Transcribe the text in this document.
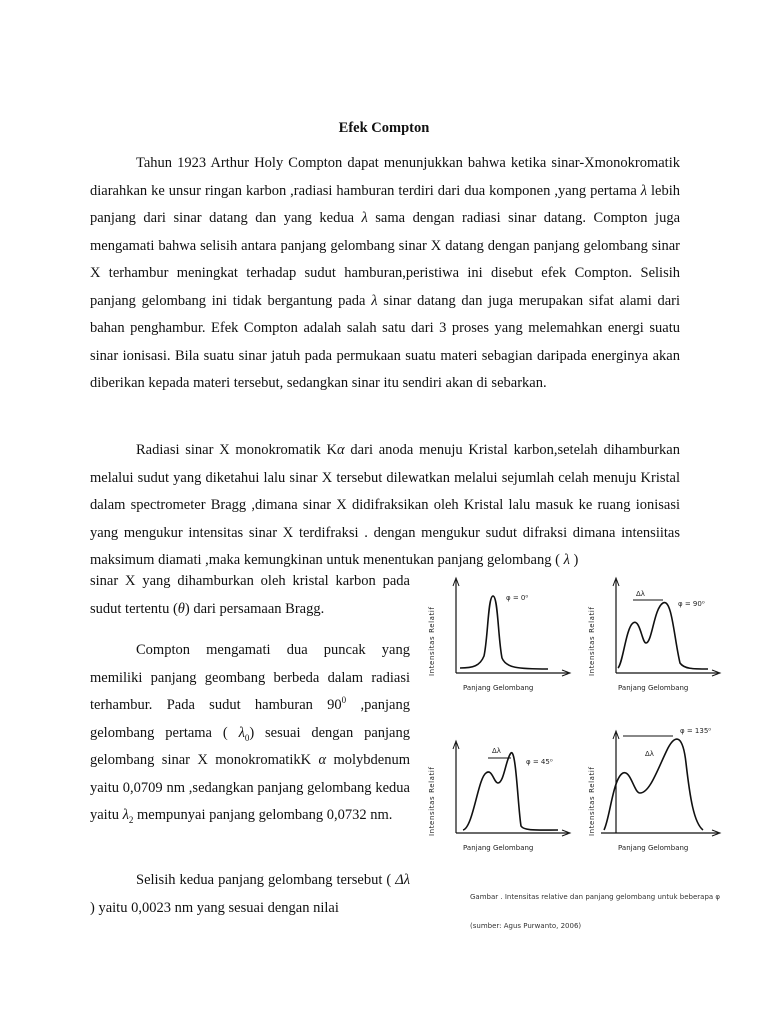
Efek Compton

Tahun 1923 Arthur Holy Compton dapat menunjukkan bahwa ketika sinar-Xmonokromatik diarahkan ke unsur ringan karbon ,radiasi hamburan terdiri dari dua komponen ,yang pertama λ lebih panjang dari sinar datang dan yang kedua λ sama dengan radiasi sinar datang. Compton juga mengamati bahwa selisih antara panjang gelombang sinar X datang dengan panjang gelombang sinar X terhambur meningkat terhadap sudut hamburan,peristiwa ini disebut efek Compton. Selisih panjang gelombang ini tidak bergantung pada λ sinar datang dan juga merupakan sifat alami dari bahan penghambur. Efek Compton adalah salah satu dari 3 proses yang melemahkan energi suatu sinar ionisasi. Bila suatu sinar jatuh pada permukaan suatu materi sebagian daripada energinya akan diberikan kepada materi tersebut, sedangkan sinar itu sendiri akan di sebarkan.

Radiasi sinar X monokromatik Kα dari anoda menuju Kristal karbon,setelah dihamburkan melalui sudut yang diketahui lalu sinar X tersebut dilewatkan melalui sejumlah celah menuju Kristal dalam spectrometer Bragg ,dimana sinar X didifraksikan oleh Kristal lalu masuk ke ruang ionisasi yang mengukur intensitas sinar X terdifraksi . dengan mengukur sudut difraksi dimana intensiitas maksimum diamati ,maka kemungkinan untuk menentukan panjang gelombang ( λ )

sinar X yang dihamburkan oleh kristal karbon pada sudut tertentu (θ) dari persamaan Bragg.

Compton mengamati dua puncak yang memiliki panjang geombang berbeda dalam radiasi terhambur. Pada sudut hamburan $90^0$ ,panjang gelombang pertama ( $\lambda_0$) sesuai dengan panjang gelombang sinar X monokromatikK α molybdenum yaitu 0,0709 nm ,sedangkan panjang gelombang kedua yaitu $\lambda_2$ mempunyai panjang gelombang 0,0732 nm.

Selisih kedua panjang gelombang tersebut ( Δλ ) yaitu 0,0023 nm yang sesuai dengan nilai

Intensitas Relatif
Panjang Gelombang
φ = 0⁰	Δλ
Intensitas Relatif
Panjang Gelombang
φ = 90⁰
Δλ
Intensitas Relatif
Panjang Gelombang
φ = 45⁰
Δλ
Intensitas Relatif
Panjang Gelombang
φ = 135⁰
Gambar . Intensitas relative dan panjang gelombang untuk beberapa φ
(sumber: Agus Purwanto, 2006)
